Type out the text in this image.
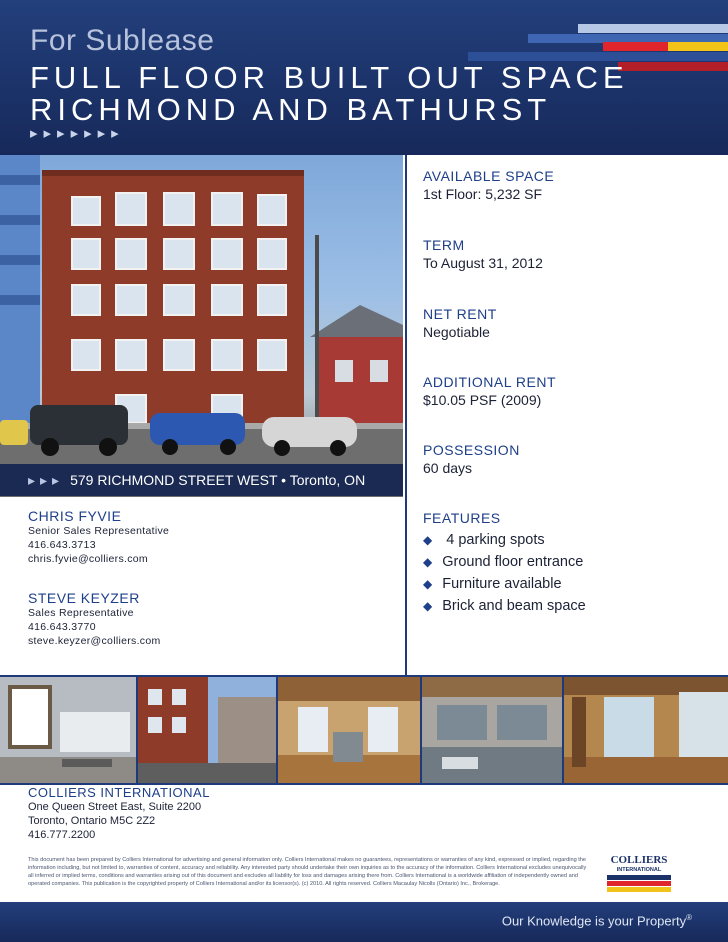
For Sublease
FULL FLOOR BUILT OUT SPACE
RICHMOND AND BATHURST
▸▸▸▸▸▸▸
▸▸▸ 579 RICHMOND STREET WEST • Toronto, ON
AVAILABLE SPACE
1st Floor: 5,232 SF
TERM
To August 31, 2012
NET RENT
Negotiable
ADDITIONAL RENT
$10.05 PSF (2009)
POSSESSION
60 days
FEATURES
◆ 4 parking spots
◆ Ground floor entrance
◆ Furniture available
◆ Brick and beam space
CHRIS FYVIE
Senior Sales Representative
416.643.3713
chris.fyvie@colliers.com
STEVE KEYZER
Sales Representative
416.643.3770
steve.keyzer@colliers.com
COLLIERS INTERNATIONAL
One Queen Street East, Suite 2200
Toronto, Ontario M5C 2Z2
416.777.2200
This document has been prepared by Colliers International for advertising and general information only. Colliers International makes no guarantees, representations or warranties of any kind, expressed or implied, regarding the information including, but not limited to, warranties of content, accuracy and reliability. Any interested party should undertake their own inquiries as to the accuracy of the information. Colliers International excludes unequivocally all inferred or implied terms, conditions and warranties arising out of this document and excludes all liability for loss and damages arising there from. Colliers International is a worldwide affiliation of independently owned and operated companies. This publication is the copyrighted property of Colliers International and/or its licensor(s). (c) 2010. All rights reserved. Colliers Macaulay Nicolls (Ontario) Inc., Brokerage.
COLLIERS
INTERNATIONAL
Our Knowledge is your Property®
